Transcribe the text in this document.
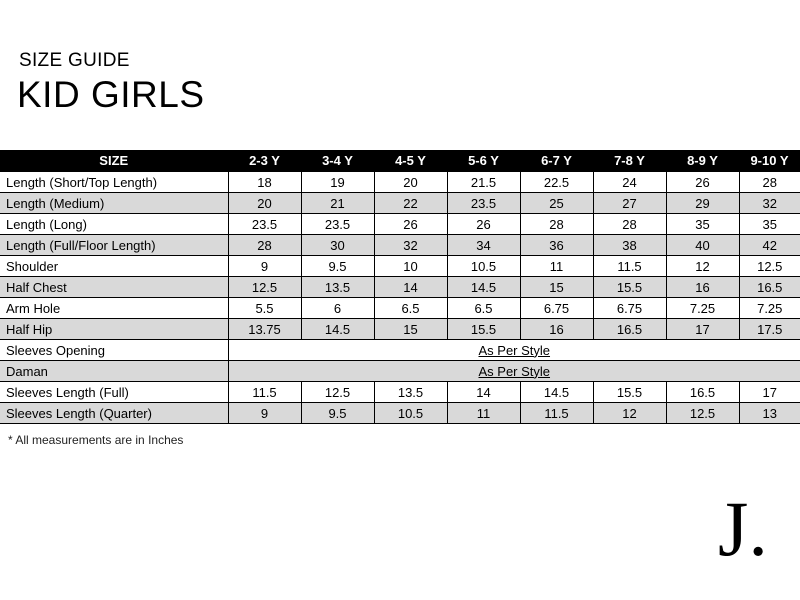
SIZE GUIDE
KID GIRLS
SIZE	2-3 Y	3-4 Y	4-5 Y	5-6 Y	6-7 Y	7-8 Y	8-9 Y	9-10 Y
Length (Short/Top Length)	18	19	20	21.5	22.5	24	26	28
Length (Medium)	20	21	22	23.5	25	27	29	32
Length (Long)	23.5	23.5	26	26	28	28	35	35
Length (Full/Floor Length)	28	30	32	34	36	38	40	42
Shoulder	9	9.5	10	10.5	11	11.5	12	12.5
Half Chest	12.5	13.5	14	14.5	15	15.5	16	16.5
Arm Hole	5.5	6	6.5	6.5	6.75	6.75	7.25	7.25
Half Hip	13.75	14.5	15	15.5	16	16.5	17	17.5
Sleeves Opening	As Per Style							
Daman	As Per Style							
Sleeves Length (Full)	11.5	12.5	13.5	14	14.5	15.5	16.5	17
Sleeves Length (Quarter)	9	9.5	10.5	11	11.5	12	12.5	13
* All measurements are in Inches
J.
